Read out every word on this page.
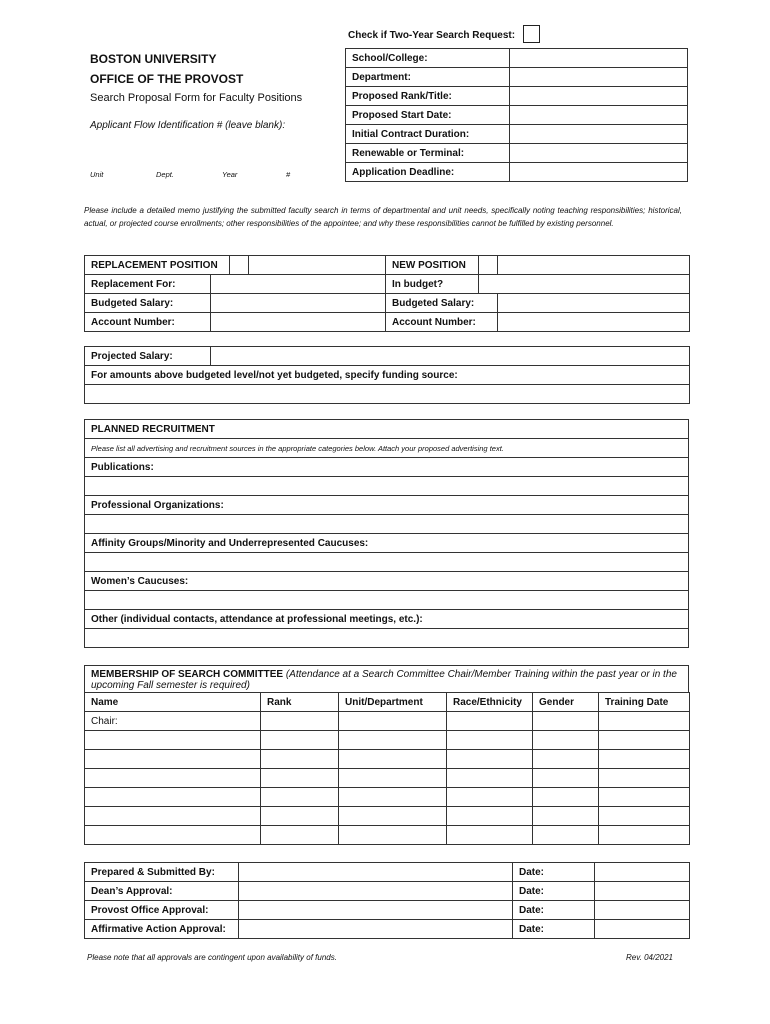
Check if Two-Year Search Request:
BOSTON UNIVERSITY
OFFICE OF THE PROVOST
Search Proposal Form for Faculty Positions
Applicant Flow Identification # (leave blank):
Unit	Dept.	Year	#
School/College:	
Department:	
Proposed Rank/Title:	
Proposed Start Date:	
Initial Contract Duration:	
Renewable or Terminal:	
Application Deadline:	
Please include a detailed memo justifying the submitted faculty search in terms of departmental and unit needs, specifically noting teaching responsibilities; historical, actual, or projected course enrollments; other responsibilities of the appointee; and why these responsibilities cannot be fulfilled by existing personnel.
REPLACEMENT POSITION				NEW POSITION		
Replacement For:				In budget?		
Budgeted Salary:				Budgeted Salary:		
Account Number:				Account Number:		
Projected Salary:	
For amounts above budgeted level/not yet budgeted, specify funding source:

PLANNED RECRUITMENT
Please list all advertising and recruitment sources in the appropriate categories below. Attach your proposed advertising text.
Publications:

Professional Organizations:

Affinity Groups/Minority and Underrepresented Caucuses:

Women’s Caucuses:

Other (individual contacts, attendance at professional meetings, etc.):

MEMBERSHIP OF SEARCH COMMITTEE (Attendance at a Search Committee Chair/Member Training within the past year or in the upcoming Fall semester is required)
Name	Rank	Unit/Department	Race/Ethnicity	Gender	Training Date
Chair:					

Prepared & Submitted By:		Date:	
Dean’s Approval:		Date:	
Provost Office Approval:		Date:	
Affirmative Action Approval:		Date:	
Please note that all approvals are contingent upon availability of funds.	Rev. 04/2021
